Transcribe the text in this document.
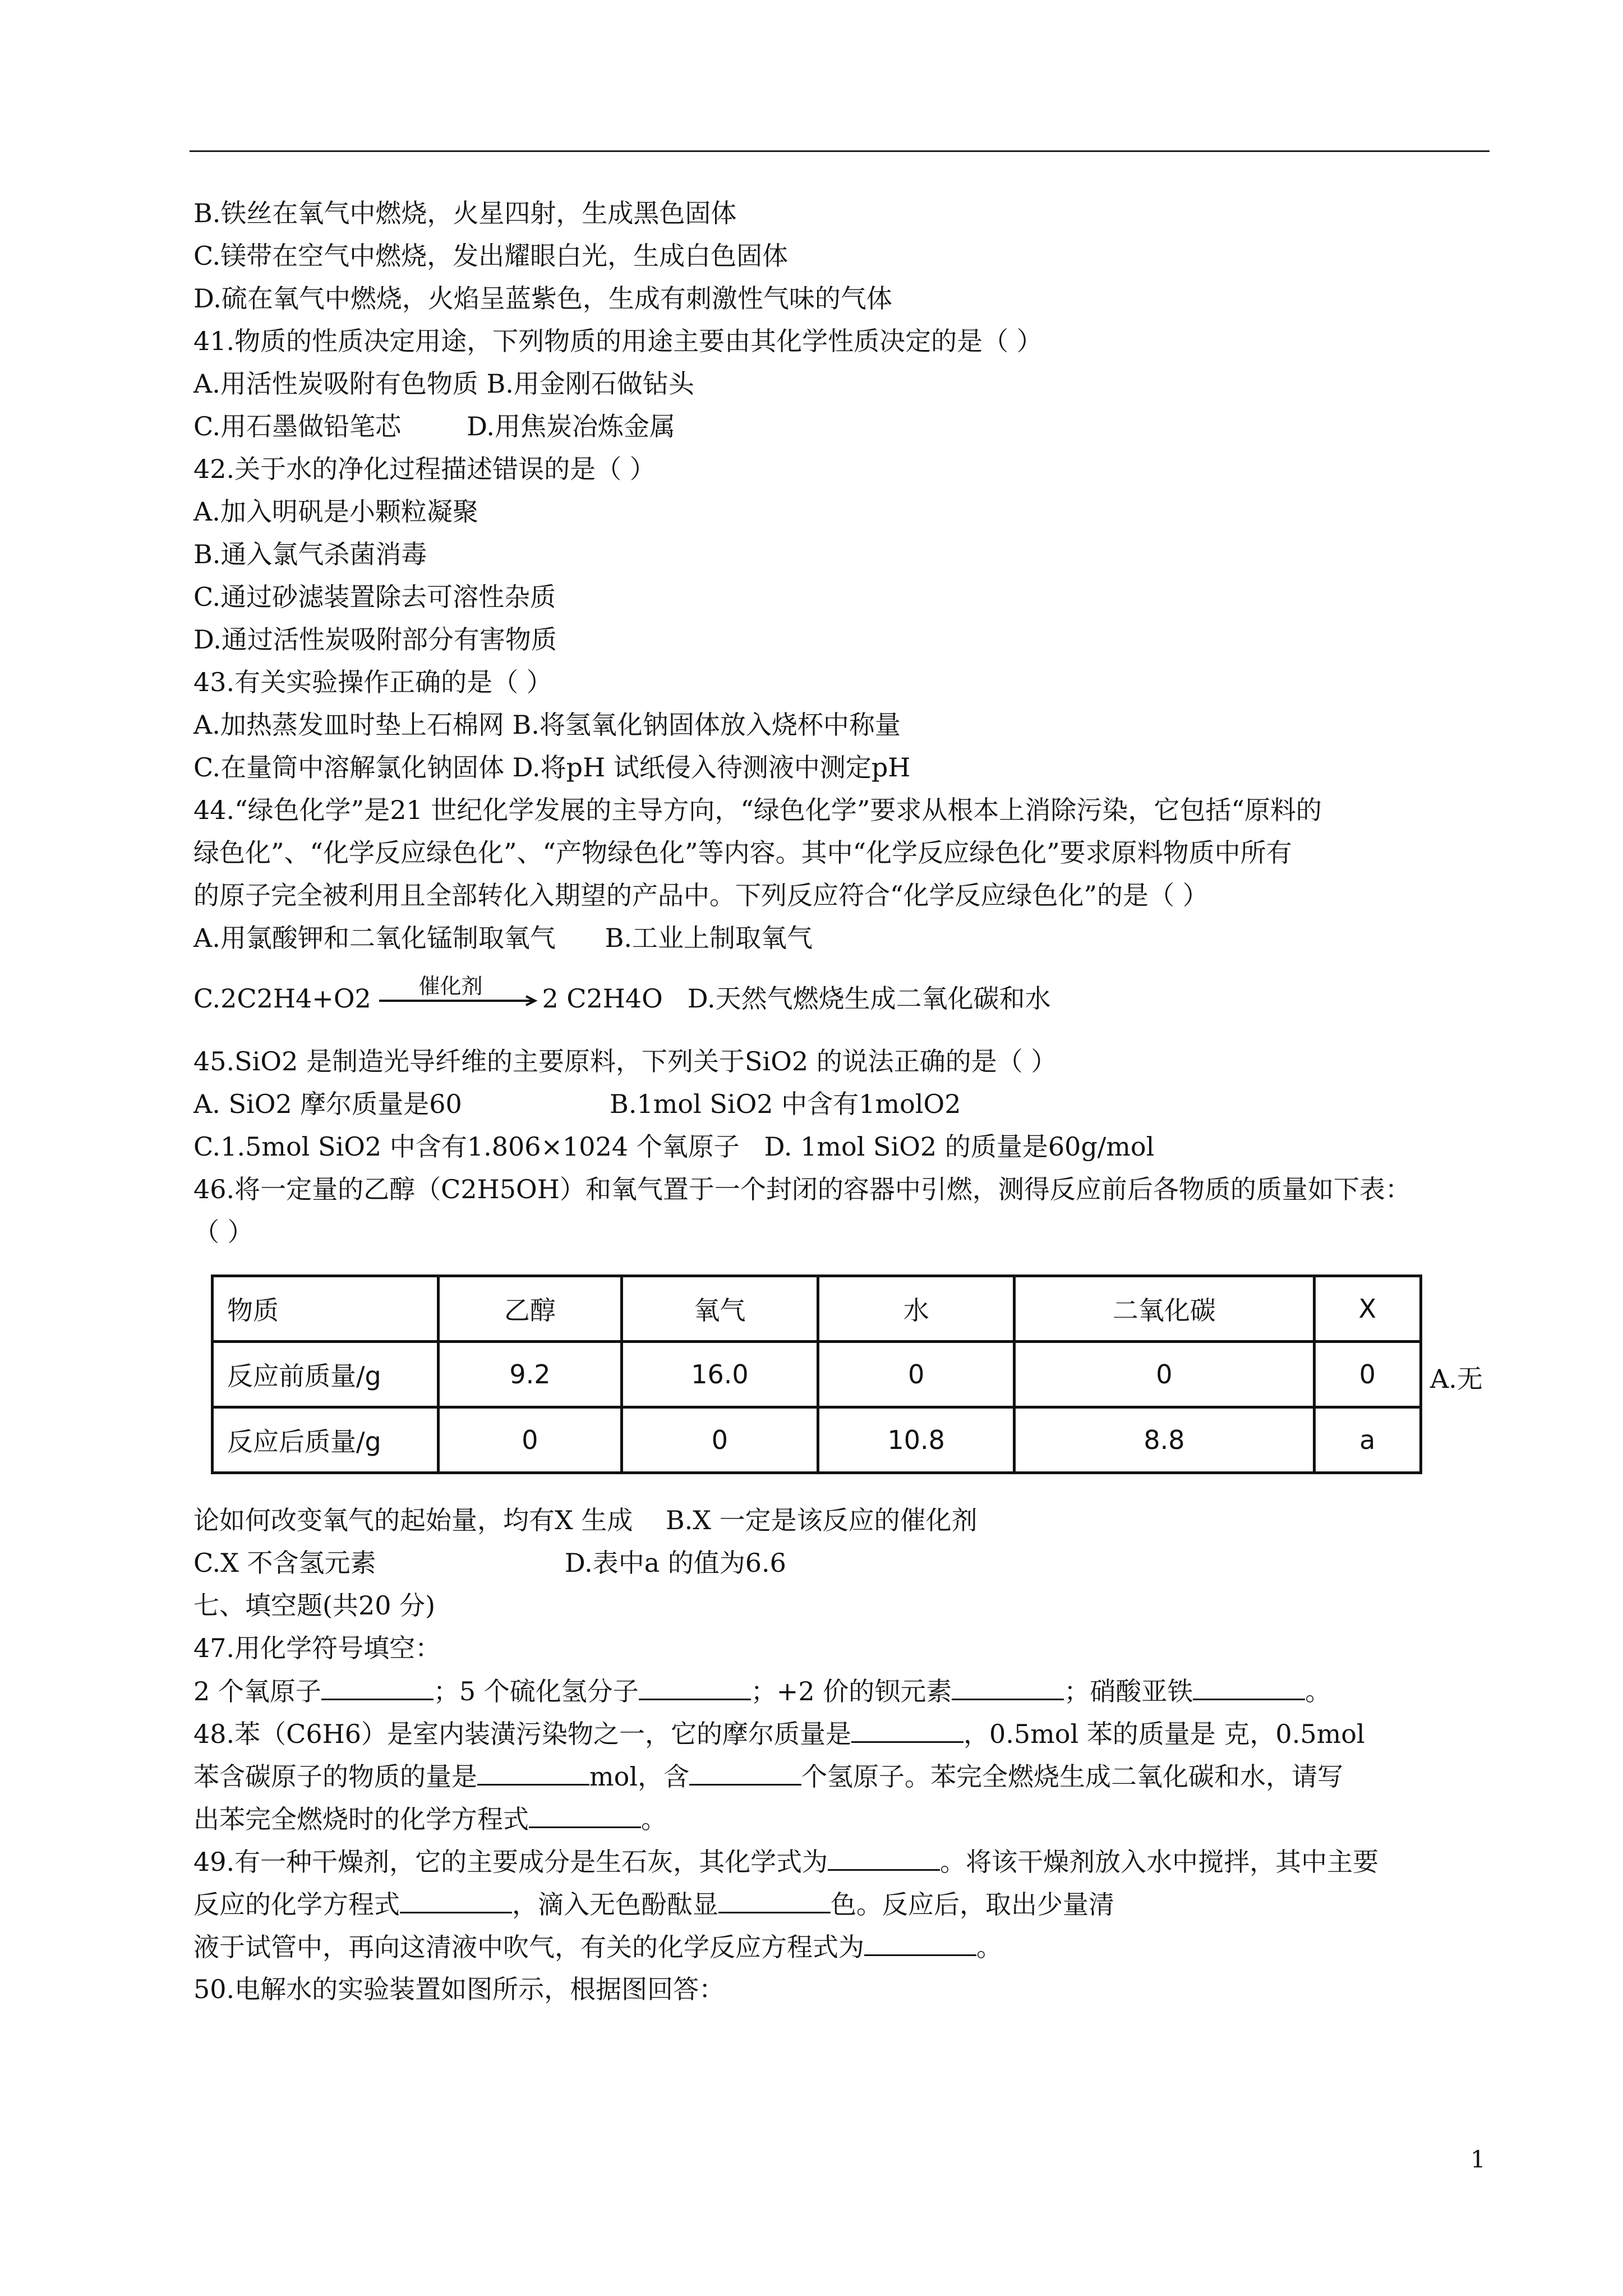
B.铁丝在氧气中燃烧，火星四射，生成黑色固体
C.镁带在空气中燃烧，发出耀眼白光，生成白色固体
D.硫在氧气中燃烧，火焰呈蓝紫色，生成有刺激性气味的气体
41.物质的性质决定用途，下列物质的用途主要由其化学性质决定的是（ ）
A.用活性炭吸附有色物质 B.用金刚石做钻头
C.用石墨做铅笔芯        D.用焦炭冶炼金属
42.关于水的净化过程描述错误的是（ ）
A.加入明矾是小颗粒凝聚
B.通入氯气杀菌消毒
C.通过砂滤装置除去可溶性杂质
D.通过活性炭吸附部分有害物质
43.有关实验操作正确的是（ ）
A.加热蒸发皿时垫上石棉网 B.将氢氧化钠固体放入烧杯中称量
C.在量筒中溶解氯化钠固体 D.将pH 试纸侵入待测液中测定pH
44.“绿色化学”是21 世纪化学发展的主导方向，“绿色化学”要求从根本上消除污染，它包括“原料的
绿色化”、“化学反应绿色化”、“产物绿色化”等内容。其中“化学反应绿色化”要求原料物质中所有
的原子完全被利用且全部转化入期望的产品中。下列反应符合“化学反应绿色化”的是（ ）
A.用氯酸钾和二氧化锰制取氧气      B.工业上制取氧气
C.2C2H4+O2 催化剂 2 C2H4O   D.天然气燃烧生成二氧化碳和水
45.SiO2 是制造光导纤维的主要原料，下列关于SiO2 的说法正确的是（ ）
A. SiO2 摩尔质量是60                  B.1mol SiO2 中含有1molO2
C.1.5mol SiO2 中含有1.806×1024 个氧原子   D. 1mol SiO2 的质量是60g/mol
46.将一定量的乙醇（C2H5OH）和氧气置于一个封闭的容器中引燃，测得反应前后各物质的质量如下表：
（ ）
物质	乙醇	氧气	水	二氧化碳	X
反应前质量/g	9.2	16.0	0	0	0
反应后质量/g	0	0	10.8	8.8	a
A.无
论如何改变氧气的起始量，均有X 生成    B.X 一定是该反应的催化剂
C.X 不含氢元素                       D.表中a 的值为6.6
七、填空题(共20 分)
47.用化学符号填空：
2 个氧原子	；5 个硫化氢分子	；+2 价的钡元素	；硝酸亚铁	。
48.苯（C6H6）是室内装潢污染物之一，它的摩尔质量是	，0.5mol 苯的质量是 克，0.5mol
苯含碳原子的物质的量是	mol，含	个氢原子。苯完全燃烧生成二氧化碳和水，请写
出苯完全燃烧时的化学方程式	。
49.有一种干燥剂，它的主要成分是生石灰，其化学式为	。将该干燥剂放入水中搅拌，其中主要
反应的化学方程式	，滴入无色酚酞显	色。反应后，取出少量清
液于试管中，再向这清液中吹气，有关的化学反应方程式为	。
50.电解水的实验装置如图所示，根据图回答：
1
